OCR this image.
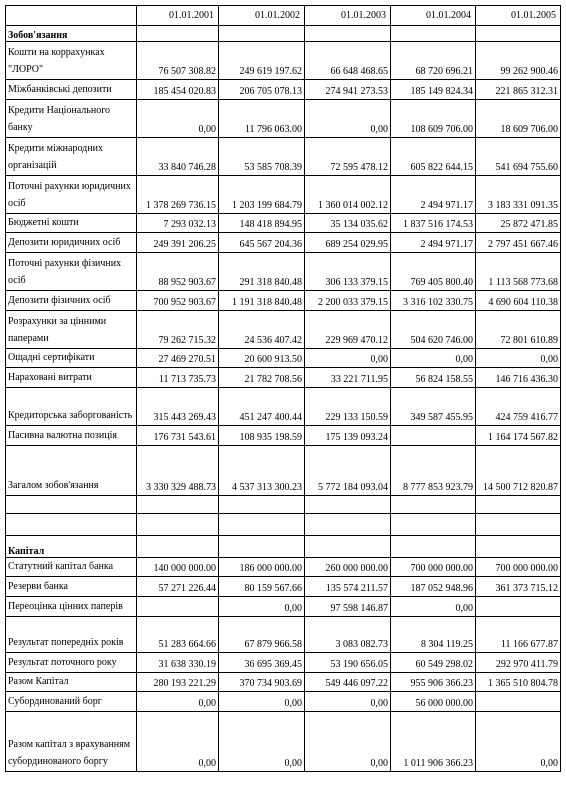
	01.01.2001	01.01.2002	01.01.2003	01.01.2004	01.01.2005
Зобов'язання					
Кошти на корраxунках "ЛОРО"	76 507 308.82	249 619 197.62	66 648 468.65	68 720 696.21	99 262 900.46
Міжбанківські депозити	185 454 020.83	206 705 078.13	274 941 273.53	185 149 824.34	221 865 312.31
Кредити Національного банку	0,00	11 796 063.00	0,00	108 609 706.00	18 609 706.00
Кредити міжнародних організацій	33 840 746.28	53 585 708.39	72 595 478.12	605 822 644.15	541 694 755.60
Поточні рахунки юридичних осіб	1 378 269 736.15	1 203 199 684.79	1 360 014 002.12	2 494 971.17	3 183 331 091.35
Бюджетні кошти	7 293 032.13	148 418 894.95	35 134 035.62	1 837 516 174.53	25 872 471.85
Депозити юридичних осіб	249 391 206.25	645 567 204.36	689 254 029.95	2 494 971.17	2 797 451 667.46
Поточні рахунки фізичних осіб	88 952 903.67	291 318 840.48	306 133 379.15	769 405 800.40	1 113 568 773.68
Депозити фізичних осіб	700 952 903.67	1 191 318 840.48	2 200 033 379.15	3 316 102 330.75	4 690 604 110.38
Розрахунки за цінними паперами	79 262 715.32	24 536 407.42	229 969 470.12	504 620 746.00	72 801 610.89
Ощадні сертифікати	27 469 270.51	20 600 913.50	0,00	0,00	0,00
Нараховані витрати	11 713 735.73	21 782 708.56	33 221 711.95	56 824 158.55	146 716 436.30
Кредиторська заборгованість	315 443 269.43	451 247 400.44	229 133 150.59	349 587 455.95	424 759 416.77
Пасивна валютна позиція	176 731 543.61	108 935 198.59	175 139 093.24		1 164 174 567.82
Загалом зобов'язання	3 330 329 488.73	4 537 313 300.23	5 772 184 093.04	8 777 853 923.79	14 500 712 820.87

Капітал					
Статутний капітал банка	140 000 000.00	186 000 000.00	260 000 000.00	700 000 000.00	700 000 000.00
Резерви банка	57 271 226.44	80 159 567.66	135 574 211.57	187 052 948.96	361 373 715.12
Переоцінка цінних паперів		0,00	97 598 146.87	0,00	
Результат попередніх років	51 283 664.66	67 879 966.58	3 083 082.73	8 304 119.25	11 166 677.87
Результат поточного року	31 638 330.19	36 695 369.45	53 190 656.05	60 549 298.02	292 970 411.79
Разом Капітал	280 193 221.29	370 734 903.69	549 446 097.22	955 906 366.23	1 365 510 804.78
Субординований борг	0,00	0,00	0,00	56 000 000.00	
Разом капітал з врахуванням субординованого боргу	0,00	0,00	0,00	1 011 906 366.23	0,00
